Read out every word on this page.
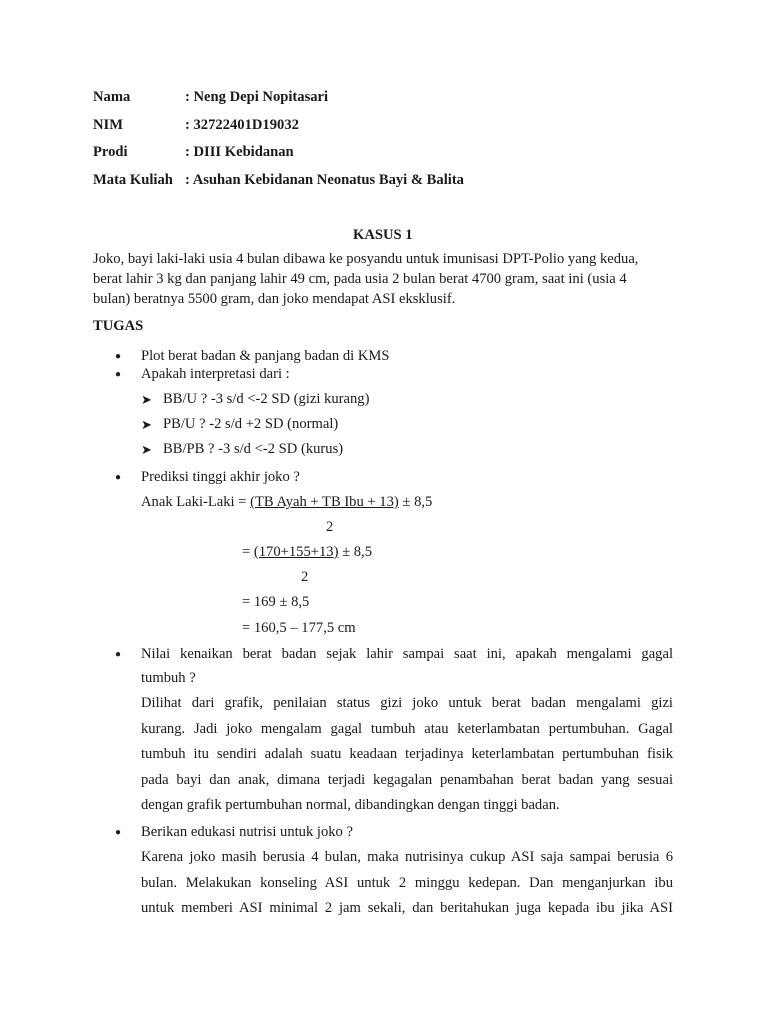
Nama	: Neng Depi Nopitasari
NIM	: 32722401D19032
Prodi	: DIII Kebidanan
Mata Kuliah : Asuhan Kebidanan Neonatus Bayi & Balita
KASUS 1
Joko, bayi laki-laki usia 4 bulan dibawa ke posyandu untuk imunisasi DPT-Polio yang kedua,
berat lahir 3 kg dan panjang lahir 49 cm, pada usia 2 bulan berat 4700 gram, saat ini (usia 4
bulan) beratnya 5500 gram, dan joko mendapat ASI eksklusif.
TUGAS
● Plot berat badan & panjang badan di KMS
● Apakah interpretasi dari :
➤ BB/U ? -3 s/d <-2 SD (gizi kurang)
➤ PB/U ? -2 s/d +2 SD (normal)
➤ BB/PB ? -3 s/d <-2 SD (kurus)
● Prediksi tinggi akhir joko ?
Anak Laki-Laki = (TB Ayah + TB Ibu + 13) ± 8,5
2
= (170+155+13) ± 8,5
2
= 169 ± 8,5
= 160,5 – 177,5 cm
● Nilai kenaikan berat badan sejak lahir sampai saat ini, apakah mengalami gagal
tumbuh ?
Dilihat dari grafik, penilaian status gizi joko untuk berat badan mengalami gizi
kurang. Jadi joko mengalam gagal tumbuh atau keterlambatan pertumbuhan. Gagal
tumbuh itu sendiri adalah suatu keadaan terjadinya keterlambatan pertumbuhan fisik
pada bayi dan anak, dimana terjadi kegagalan penambahan berat badan yang sesuai
dengan grafik pertumbuhan normal, dibandingkan dengan tinggi badan.
● Berikan edukasi nutrisi untuk joko ?
Karena joko masih berusia 4 bulan, maka nutrisinya cukup ASI saja sampai berusia 6
bulan. Melakukan konseling ASI untuk 2 minggu kedepan. Dan menganjurkan ibu
untuk memberi ASI minimal 2 jam sekali, dan beritahukan juga kepada ibu jika ASI
